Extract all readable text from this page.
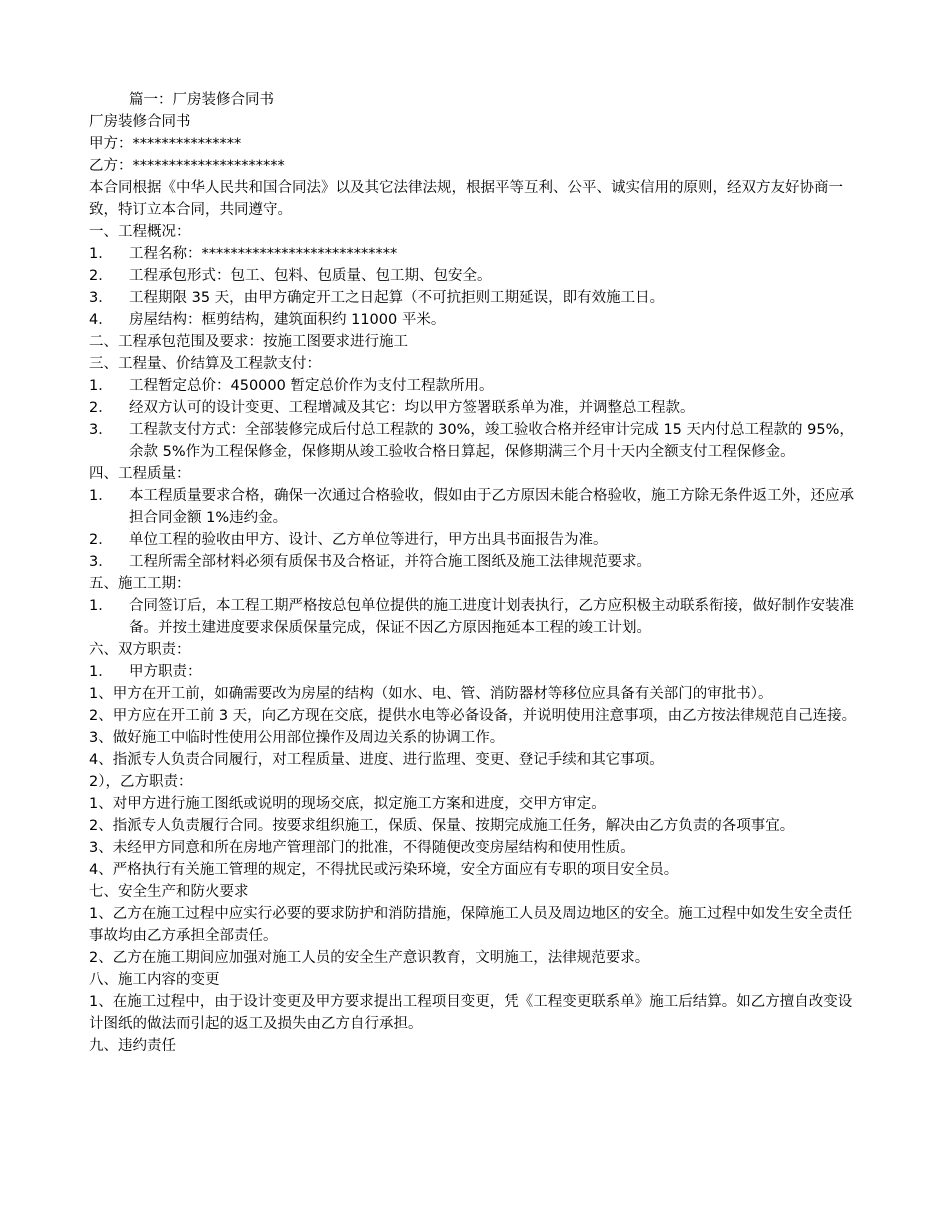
篇一：厂房装修合同书
厂房装修合同书
甲方：***************
乙方：*********************
本合同根据《中华人民共和国合同法》以及其它法律法规，根据平等互利、公平、诚实信用的原则，经双方友好协商一致，特订立本合同，共同遵守。
一、工程概况：
1．	工程名称：***************************
2．	工程承包形式：包工、包料、包质量、包工期、包安全。
3．	工程期限 35 天，由甲方确定开工之日起算（不可抗拒则工期延误，即有效施工日。
4．	房屋结构：框剪结构，建筑面积约 11000 平米。
二、工程承包范围及要求：按施工图要求进行施工
三、工程量、价结算及工程款支付：
1．	工程暂定总价：450000 暂定总价作为支付工程款所用。
2．	经双方认可的设计变更、工程增减及其它：均以甲方签署联系单为准，并调整总工程款。
3．	工程款支付方式：全部装修完成后付总工程款的 30%，竣工验收合格并经审计完成 15 天内付总工程款的 95%，余款 5%作为工程保修金，保修期从竣工验收合格日算起，保修期满三个月十天内全额支付工程保修金。
四、工程质量：
1．	本工程质量要求合格，确保一次通过合格验收，假如由于乙方原因未能合格验收，施工方除无条件返工外，还应承担合同金额 1%违约金。
2．	单位工程的验收由甲方、设计、乙方单位等进行，甲方出具书面报告为准。
3．	工程所需全部材料必须有质保书及合格证，并符合施工图纸及施工法律规范要求。
五、施工工期：
1．	合同签订后，本工程工期严格按总包单位提供的施工进度计划表执行，乙方应积极主动联系衔接，做好制作安装准备。并按土建进度要求保质保量完成，保证不因乙方原因拖延本工程的竣工计划。
六、双方职责：
1．	甲方职责：
1、甲方在开工前，如确需要改为房屋的结构（如水、电、管、消防器材等移位应具备有关部门的审批书）。
2、甲方应在开工前 3 天，向乙方现在交底，提供水电等必备设备，并说明使用注意事项，由乙方按法律规范自己连接。
3、做好施工中临时性使用公用部位操作及周边关系的协调工作。
4、指派专人负责合同履行，对工程质量、进度、进行监理、变更、登记手续和其它事项。
2），乙方职责：
1、对甲方进行施工图纸或说明的现场交底，拟定施工方案和进度，交甲方审定。
2、指派专人负责履行合同。按要求组织施工，保质、保量、按期完成施工任务，解决由乙方负责的各项事宜。
3、未经甲方同意和所在房地产管理部门的批准，不得随便改变房屋结构和使用性质。
4、严格执行有关施工管理的规定，不得扰民或污染环境，安全方面应有专职的项目安全员。
七、安全生产和防火要求
1、乙方在施工过程中应实行必要的要求防护和消防措施，保障施工人员及周边地区的安全。施工过程中如发生安全责任事故均由乙方承担全部责任。
2、乙方在施工期间应加强对施工人员的安全生产意识教育，文明施工，法律规范要求。
八、施工内容的变更
1、在施工过程中，由于设计变更及甲方要求提出工程项目变更，凭《工程变更联系单》施工后结算。如乙方擅自改变设计图纸的做法而引起的返工及损失由乙方自行承担。
九、违约责任
